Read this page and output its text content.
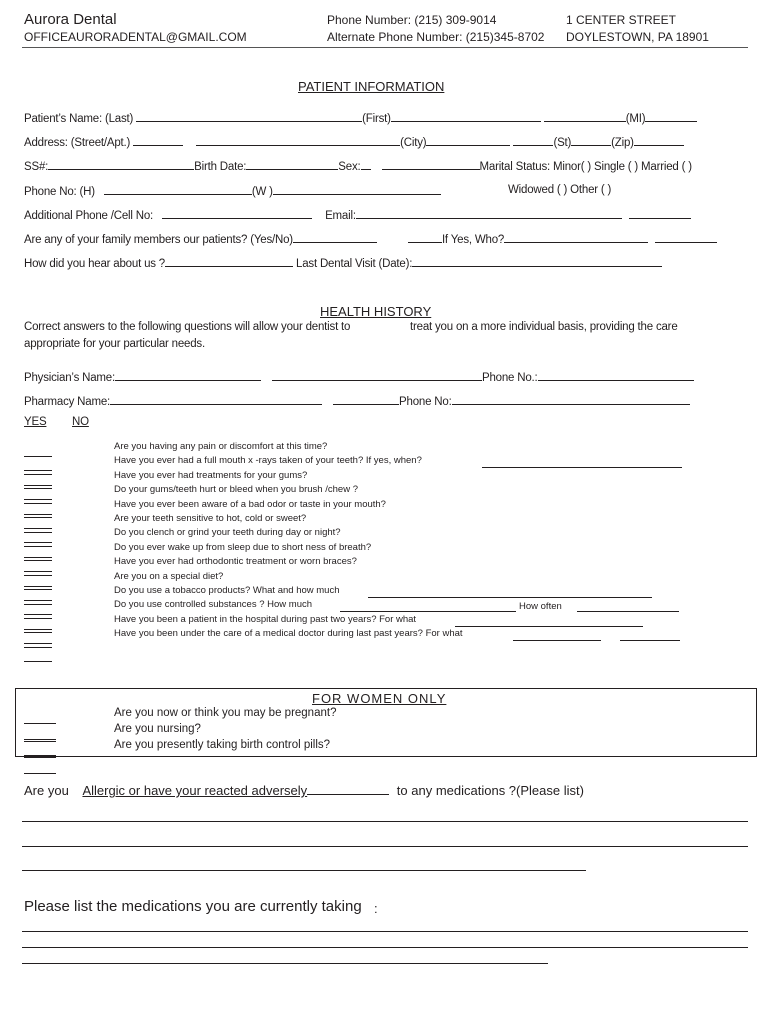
Aurora Dental
OFFICEAURORADENTAL@GMAIL.COM
Phone Number: (215) 309-9014
Alternate Phone Number: (215)345-8702
1 CENTER STREET
DOYLESTOWN, PA 18901
PATIENT INFORMATION
Patient’s Name: (Last)	(First)	(MI)
Address: (Street/Apt.)	(City)	(St)	(Zip)
SS#:	Birth Date:	Sex:	Marital Status: Minor( ) Single ( ) Married ( )
Phone No: (H)	(W )	Widowed ( ) Other ( )
Additional Phone /Cell No:	Email:
Are any of your family members our patients? (Yes/No)	If Yes, Who?
How did you hear about us ?	Last Dental Visit (Date):
HEALTH HISTORY
Correct answers to the following questions will allow your dentist to	treat you on a more individual basis, providing the care
appropriate for your particular needs.
Physician’s Name:	Phone No.:
Pharmacy Name:	Phone No:
YES NO
Are you having any pain or discomfort at this time?
Have you ever had a full mouth x -rays taken of your teeth? If yes, when?
Have you ever had treatments for your gums?
Do your gums/teeth hurt or bleed when you brush /chew ?
Have you ever been aware of a bad odor or taste in your mouth?
Are your teeth sensitive to hot, cold or sweet?
Do you clench or grind your teeth during day or night?
Do you ever wake up from sleep due to short ness of breath?
Have you ever had orthodontic treatment or worn braces?
Are you on a special diet?
Do you use a tobacco products? What and how much
Do you use controlled substances ? How much
Have you been a patient in the hospital during past two years? For what
Have you been under the care of a medical doctor during last past years? For what
How often
FOR WOMEN ONLY
Are you now or think you may be pregnant?
Are you nursing?
Are you presently taking birth control pills?
Are you Allergic or have your reacted adversely	to any medications ?(Please list)
Please list the medications you are currently taking :
